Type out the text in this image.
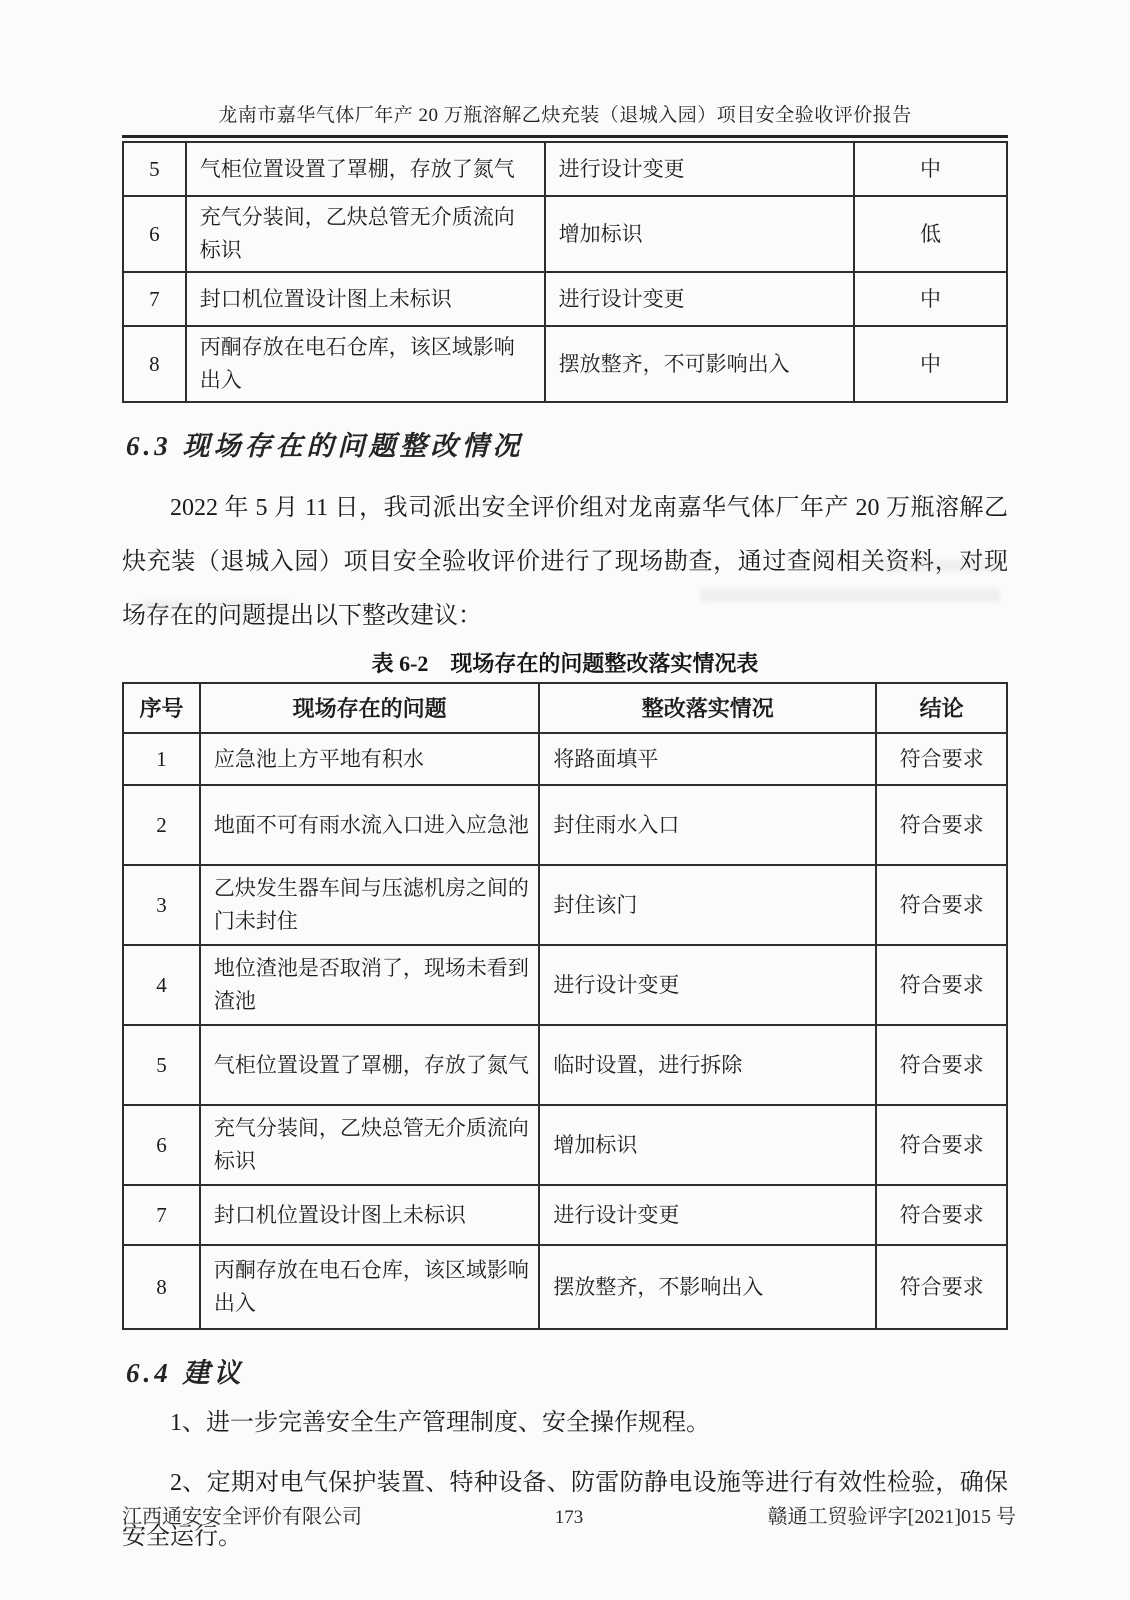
龙南市嘉华气体厂年产 20 万瓶溶解乙炔充装（退城入园）项目安全验收评价报告
5	气柜位置设置了罩棚，存放了氮气	进行设计变更	中
6	充气分装间，乙炔总管无介质流向标识	增加标识	低
7	封口机位置设计图上未标识	进行设计变更	中
8	丙酮存放在电石仓库，该区域影响出入	摆放整齐，不可影响出入	中
6.3 现场存在的问题整改情况

2022 年 5 月 11 日，我司派出安全评价组对龙南嘉华气体厂年产 20 万瓶溶解乙炔充装（退城入园）项目安全验收评价进行了现场勘查，通过查阅相关资料，对现场存在的问题提出以下整改建议：

表 6-2　现场存在的问题整改落实情况表
序号	现场存在的问题	整改落实情况	结论
1	应急池上方平地有积水	将路面填平	符合要求
2	地面不可有雨水流入口进入应急池	封住雨水入口	符合要求
3	乙炔发生器车间与压滤机房之间的门未封住	封住该门	符合要求
4	地位渣池是否取消了，现场未看到渣池	进行设计变更	符合要求
5	气柜位置设置了罩棚，存放了氮气	临时设置，进行拆除	符合要求
6	充气分装间，乙炔总管无介质流向标识	增加标识	符合要求
7	封口机位置设计图上未标识	进行设计变更	符合要求
8	丙酮存放在电石仓库，该区域影响出入	摆放整齐，不影响出入	符合要求
6.4 建议

1、进一步完善安全生产管理制度、安全操作规程。

2、定期对电气保护装置、特种设备、防雷防静电设施等进行有效性检验，确保安全运行。

江西通安安全评价有限公司	173	赣通工贸验评字[2021]015 号
